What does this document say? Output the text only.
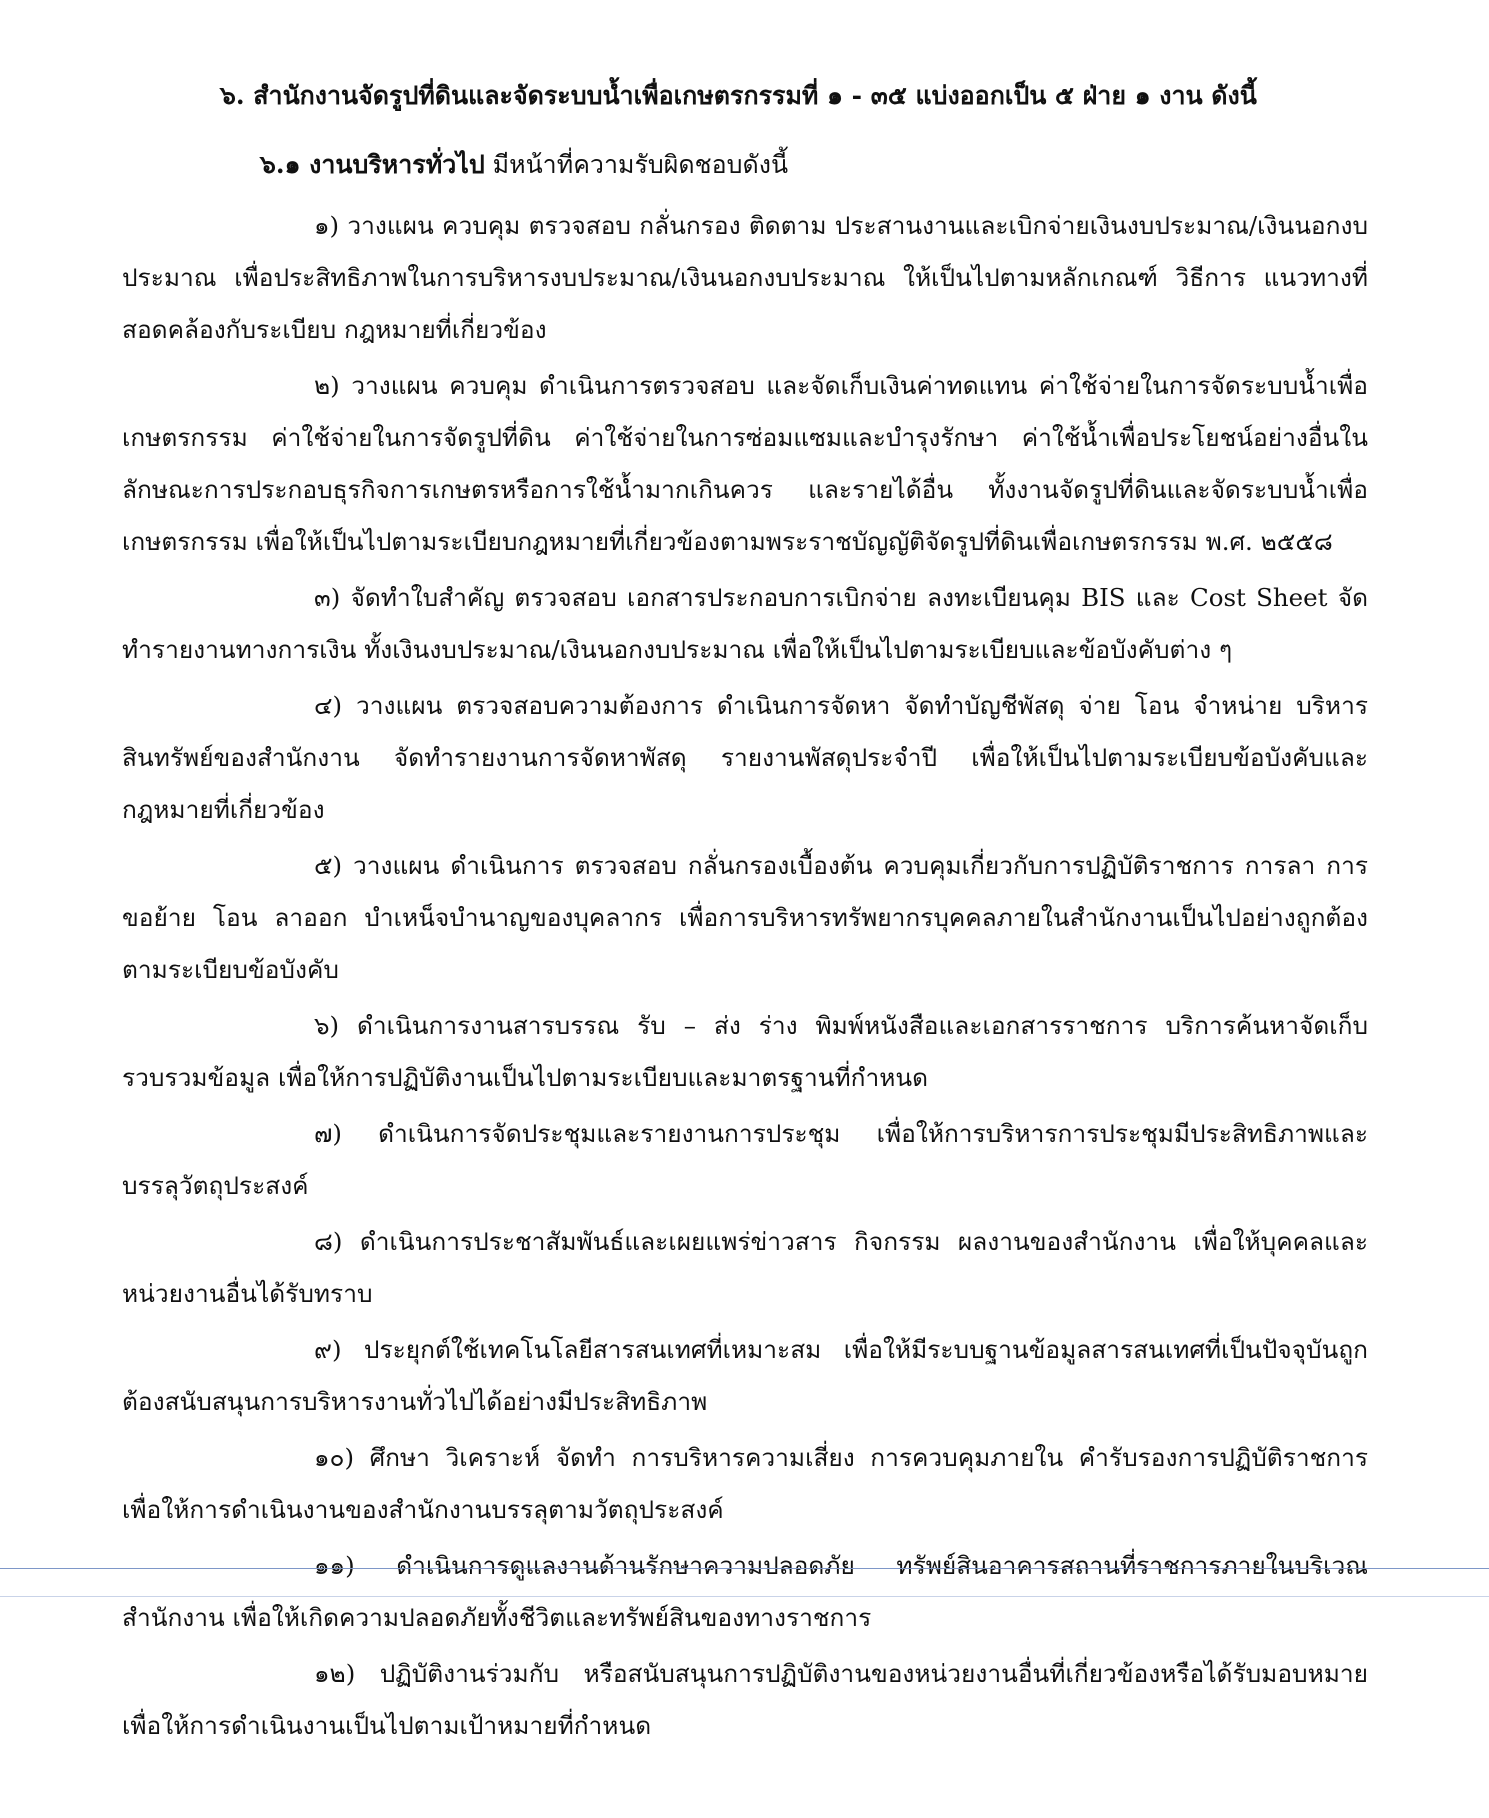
๖. สำนักงานจัดรูปที่ดินและจัดระบบน้ำเพื่อเกษตรกรรมที่ ๑ - ๓๕ แบ่งออกเป็น ๕ ฝ่าย ๑ งาน ดังนี้
๖.๑ งานบริหารทั่วไป มีหน้าที่ความรับผิดชอบดังนี้

๑) วางแผน ควบคุม ตรวจสอบ กลั่นกรอง ติดตาม ประสานงานและเบิกจ่ายเงินงบประมาณ/เงินนอกงบประมาณ เพื่อประสิทธิภาพในการบริหารงบประมาณ/เงินนอกงบประมาณ ให้เป็นไปตามหลักเกณฑ์ วิธีการ แนวทางที่สอดคล้องกับระเบียบ กฎหมายที่เกี่ยวข้อง

๒) วางแผน ควบคุม ดำเนินการตรวจสอบ และจัดเก็บเงินค่าทดแทน ค่าใช้จ่ายในการจัดระบบน้ำเพื่อเกษตรกรรม ค่าใช้จ่ายในการจัดรูปที่ดิน ค่าใช้จ่ายในการซ่อมแซมและบำรุงรักษา ค่าใช้น้ำเพื่อประโยชน์อย่างอื่นในลักษณะการประกอบธุรกิจการเกษตรหรือการใช้น้ำมากเกินควร และรายได้อื่น ทั้งงานจัดรูปที่ดินและจัดระบบน้ำเพื่อเกษตรกรรม เพื่อให้เป็นไปตามระเบียบกฎหมายที่เกี่ยวข้องตามพระราชบัญญัติจัดรูปที่ดินเพื่อเกษตรกรรม พ.ศ. ๒๕๕๘

๓) จัดทำใบสำคัญ ตรวจสอบ เอกสารประกอบการเบิกจ่าย ลงทะเบียนคุม BIS และ Cost Sheet จัดทำรายงานทางการเงิน ทั้งเงินงบประมาณ/เงินนอกงบประมาณ เพื่อให้เป็นไปตามระเบียบและข้อบังคับต่าง ๆ

๔) วางแผน ตรวจสอบความต้องการ ดำเนินการจัดหา จัดทำบัญชีพัสดุ จ่าย โอน จำหน่าย บริหารสินทรัพย์ของสำนักงาน จัดทำรายงานการจัดหาพัสดุ รายงานพัสดุประจำปี เพื่อให้เป็นไปตามระเบียบข้อบังคับและกฎหมายที่เกี่ยวข้อง

๕) วางแผน ดำเนินการ ตรวจสอบ กลั่นกรองเบื้องต้น ควบคุมเกี่ยวกับการปฏิบัติราชการ การลา การขอย้าย โอน ลาออก บำเหน็จบำนาญของบุคลากร เพื่อการบริหารทรัพยากรบุคคลภายในสำนักงานเป็นไปอย่างถูกต้องตามระเบียบข้อบังคับ

๖) ดำเนินการงานสารบรรณ รับ – ส่ง ร่าง พิมพ์หนังสือและเอกสารราชการ บริการค้นหาจัดเก็บรวบรวมข้อมูล เพื่อให้การปฏิบัติงานเป็นไปตามระเบียบและมาตรฐานที่กำหนด

๗) ดำเนินการจัดประชุมและรายงานการประชุม เพื่อให้การบริหารการประชุมมีประสิทธิภาพและบรรลุวัตถุประสงค์

๘) ดำเนินการประชาสัมพันธ์และเผยแพร่ข่าวสาร กิจกรรม ผลงานของสำนักงาน เพื่อให้บุคคลและหน่วยงานอื่นได้รับทราบ

๙) ประยุกต์ใช้เทคโนโลยีสารสนเทศที่เหมาะสม เพื่อให้มีระบบฐานข้อมูลสารสนเทศที่เป็นปัจจุบันถูกต้องสนับสนุนการบริหารงานทั่วไปได้อย่างมีประสิทธิภาพ

๑๐) ศึกษา วิเคราะห์ จัดทำ การบริหารความเสี่ยง การควบคุมภายใน คำรับรองการปฏิบัติราชการ เพื่อให้การดำเนินงานของสำนักงานบรรลุตามวัตถุประสงค์

๑๑) ดำเนินการดูแลงานด้านรักษาความปลอดภัย ทรัพย์สินอาคารสถานที่ราชการภายในบริเวณสำนักงาน เพื่อให้เกิดความปลอดภัยทั้งชีวิตและทรัพย์สินของทางราชการ

๑๒) ปฏิบัติงานร่วมกับ หรือสนับสนุนการปฏิบัติงานของหน่วยงานอื่นที่เกี่ยวข้องหรือได้รับมอบหมาย เพื่อให้การดำเนินงานเป็นไปตามเป้าหมายที่กำหนด
